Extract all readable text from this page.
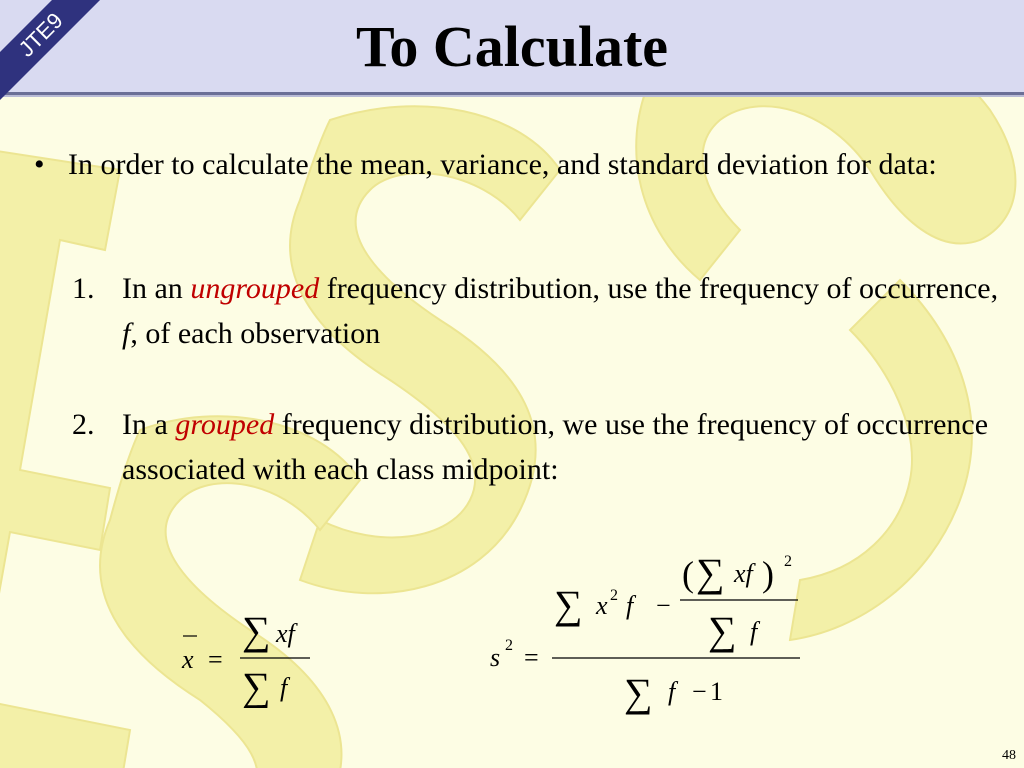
To Calculate
JTE9
• In order to calculate the mean, variance, and standard deviation for data:
1. In an ungrouped frequency distribution, use the frequency of occurrence, f, of each observation
2. In a grouped frequency distribution, we use the frequency of occurrence associated with each class midpoint:
x =
∑ xf
∑ f
s 2 =
∑ x 2 f −
( ∑ xf ) 2
∑ f
∑ f − 1
48
